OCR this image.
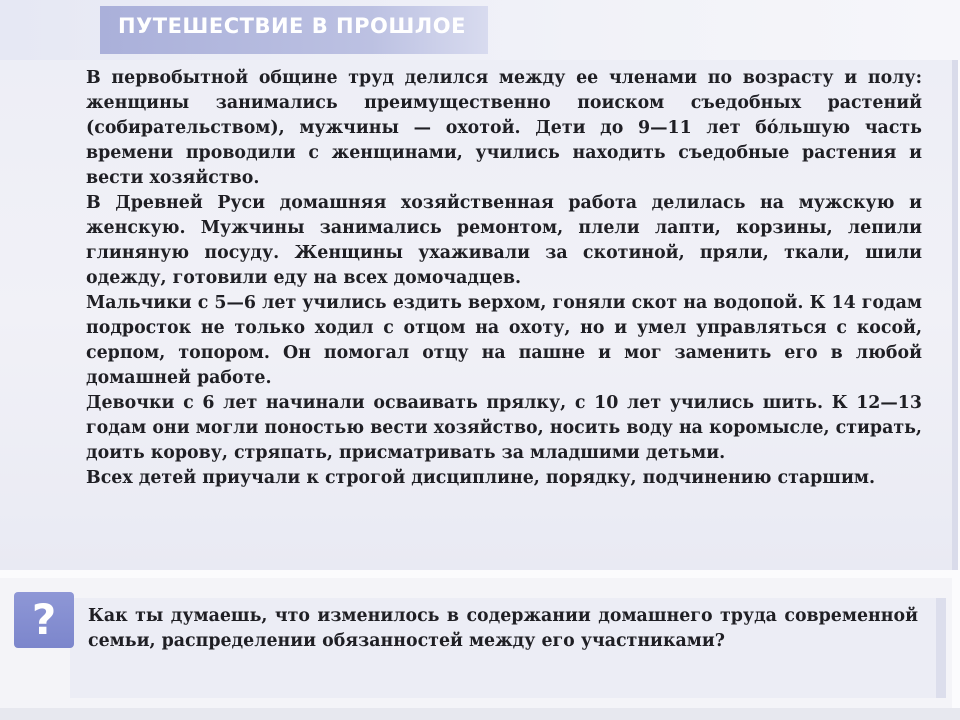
ПУТЕШЕСТВИЕ В ПРОШЛОЕ

В первобытной общине труд делился между ее членами по возрасту и полу: женщины занимались преимущественно поиском съедобных растений (собирательством), мужчины — охотой. Дети до 9—11 лет бо́льшую часть времени проводили с женщинами, учились находить съедобные растения и вести хозяйство.

В Древней Руси домашняя хозяйственная работа делилась на мужскую и женскую. Мужчины занимались ремонтом, плели лапти, корзины, лепили глиняную посуду. Женщины ухаживали за скотиной, пряли, ткали, шили одежду, готовили еду на всех домочадцев.

Мальчики с 5—6 лет учились ездить верхом, гоняли скот на водопой. К 14 годам подросток не только ходил с отцом на охоту, но и умел управляться с косой, серпом, топором. Он помогал отцу на пашне и мог заменить его в любой домашней работе.

Девочки с 6 лет начинали осваивать прялку, с 10 лет учились шить. К 12—13 годам они могли поностью вести хозяйство, носить воду на коромысле, стирать, доить корову, стряпать, присматривать за младшими детьми.

Всех детей приучали к строгой дисциплине, порядку, подчинению старшим.

?	Как ты думаешь, что изменилось в содержании домашнего труда современной семьи, распределении обязанностей между его участниками?
